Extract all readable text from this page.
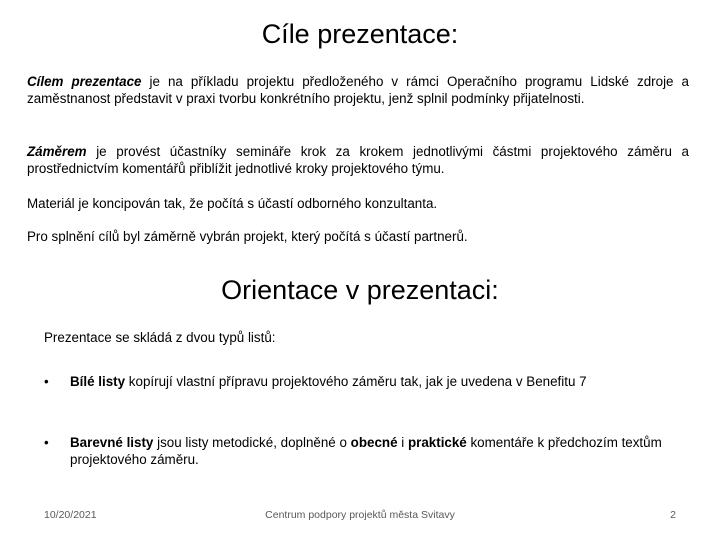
Cíle prezentace:

Cílem prezentace je na příkladu projektu předloženého v rámci Operačního programu Lidské zdroje a zaměstnanost představit v praxi tvorbu konkrétního projektu, jenž splnil podmínky přijatelnosti.

Záměrem je provést účastníky semináře krok za krokem jednotlivými částmi projektového záměru a prostřednictvím komentářů přiblížit jednotlivé kroky projektového týmu.

Materiál je koncipován tak, že počítá s účastí odborného konzultanta.

Pro splnění cílů byl záměrně vybrán projekt, který počítá s účastí partnerů.

Orientace v prezentaci:

Prezentace se skládá z dvou typů listů:

•	Bílé listy kopírují vlastní přípravu projektového záměru tak, jak je uvedena v Benefitu 7
•	Barevné listy jsou listy metodické, doplněné o obecné i praktické komentáře k předchozím textům projektového záměru.
10/20/2021	Centrum podpory projektů města Svitavy	2
